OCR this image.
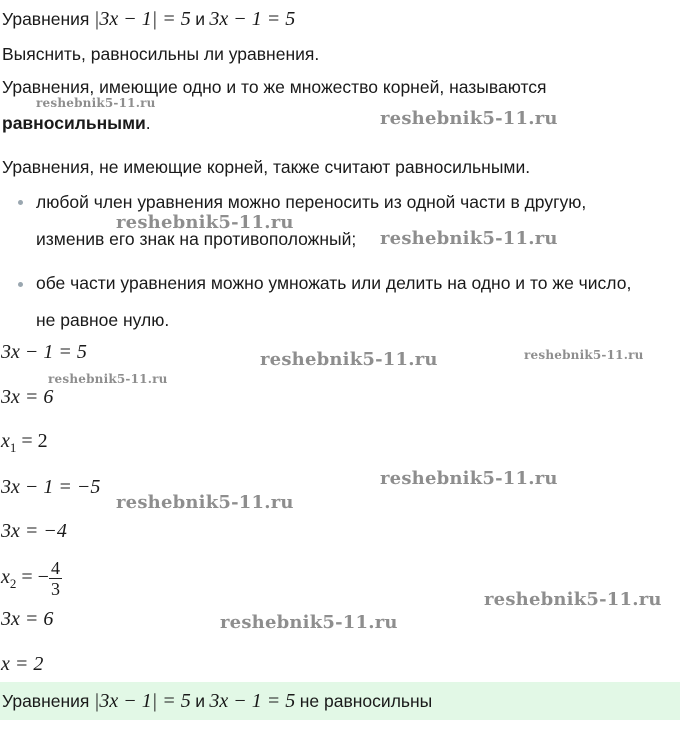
Уравнения |3x − 1| = 5 и 3x − 1 = 5
Выяснить, равносильны ли уравнения.
Уравнения, имеющие одно и то же множество корней, называются
равносильными.
Уравнения, не имеющие корней, также считают равносильными.
любой член уравнения можно переносить из одной части в другую,
изменив его знак на противоположный;
обе части уравнения можно умножать или делить на одно и то же число,
не равное нулю.
3x − 1 = 5
3x = 6
$x_1 = 2$
3x − 1 = −5
3x = −4
$x_2$ = − $\frac{4}{3}$
3x = 6
x = 2
Уравнения |3x − 1| = 5 и 3x − 1 = 5 не равносильны
reshebnik5-11.ru
reshebnik5-11.ru
reshebnik5-11.ru
reshebnik5-11.ru
reshebnik5-11.ru	reshebnik5-11.ru
reshebnik5-11.ru
reshebnik5-11.ru
reshebnik5-11.ru
reshebnik5-11.ru
reshebnik5-11.ru
